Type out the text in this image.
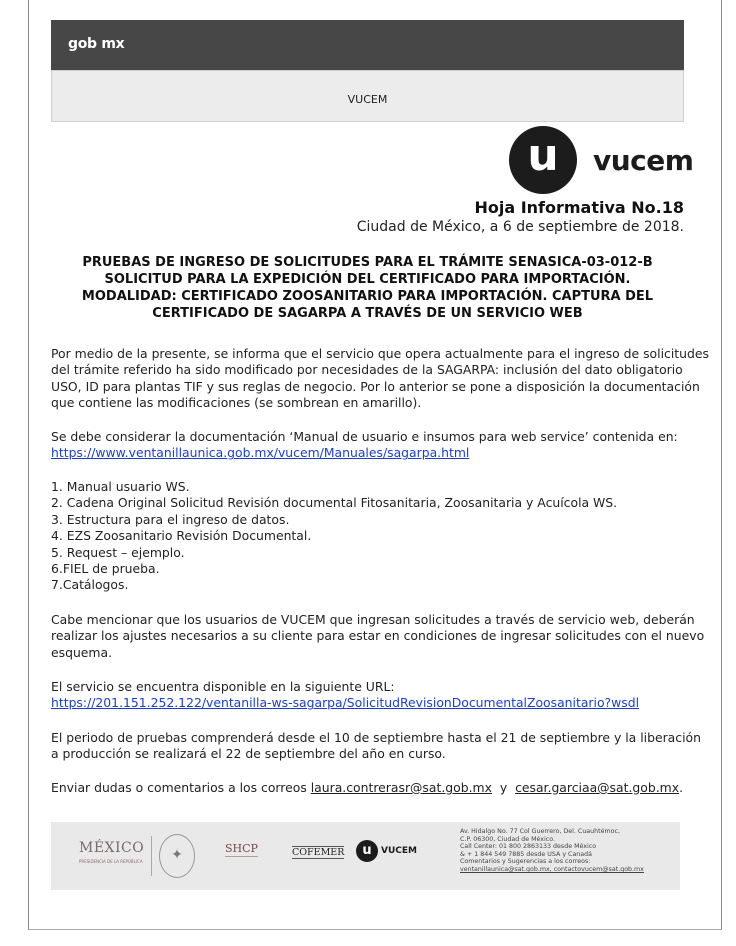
gob mx
VUCEM
u	vucem
Hoja Informativa No.18
Ciudad de México, a 6 de septiembre de 2018.
PRUEBAS DE INGRESO DE SOLICITUDES PARA EL TRÁMITE SENASICA-03-012-B
SOLICITUD PARA LA EXPEDICIÓN DEL CERTIFICADO PARA IMPORTACIÓN.
MODALIDAD: CERTIFICADO ZOOSANITARIO PARA IMPORTACIÓN. CAPTURA DEL
CERTIFICADO DE SAGARPA A TRAVÉS DE UN SERVICIO WEB
Por medio de la presente, se informa que el servicio que opera actualmente para el ingreso de solicitudes
del trámite referido ha sido modificado por necesidades de la SAGARPA: inclusión del dato obligatorio
USO, ID para plantas TIF y sus reglas de negocio. Por lo anterior se pone a disposición la documentación
que contiene las modificaciones (se sombrean en amarillo).
Se debe considerar la documentación ‘Manual de usuario e insumos para web service’ contenida en:
https://www.ventanillaunica.gob.mx/vucem/Manuales/sagarpa.html
1. Manual usuario WS.
2. Cadena Original Solicitud Revisión documental Fitosanitaria, Zoosanitaria y Acuícola WS.
3. Estructura para el ingreso de datos.
4. EZS Zoosanitario Revisión Documental.
5. Request – ejemplo.
6.FIEL de prueba.
7.Catálogos.
Cabe mencionar que los usuarios de VUCEM que ingresan solicitudes a través de servicio web, deberán
realizar los ajustes necesarios a su cliente para estar en condiciones de ingresar solicitudes con el nuevo
esquema.
El servicio se encuentra disponible en la siguiente URL:
https://201.151.252.122/ventanilla-ws-sagarpa/SolicitudRevisionDocumentalZoosanitario?wsdl
El periodo de pruebas comprenderá desde el 10 de septiembre hasta el 21 de septiembre y la liberación
a producción se realizará el 22 de septiembre del año en curso.
Enviar dudas o comentarios a los correos laura.contrerasr@sat.gob.mx y cesar.garciaa@sat.gob.mx.
MÉXICO
PRESIDENCIA DE LA REPÚBLICA	✦	SHCP	COFEMER	u	VUCEM
Av. Hidalgo No. 77 Col Guerrero, Del. Cuauhtémoc,
C.P. 06300, Ciudad de México.
Call Center: 01 800 2863133 desde México
& + 1 844 549 7885 desde USA y Canadá
Comentarios y Sugerencias a los correos:
ventanillaunica@sat.gob.mx, contactovucem@sat.gob.mx
